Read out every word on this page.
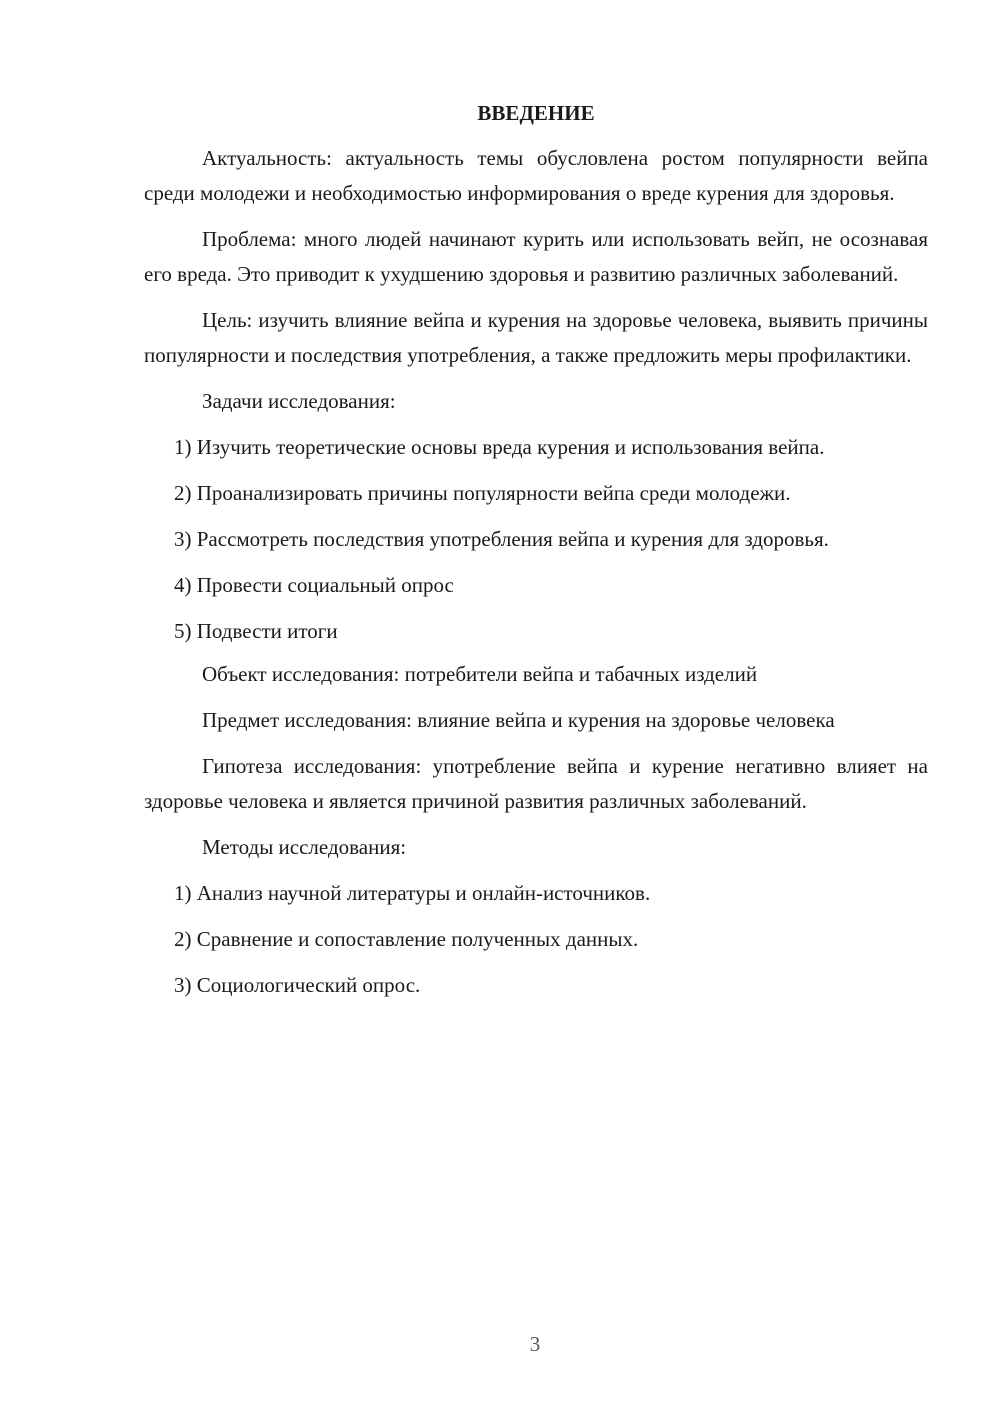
ВВЕДЕНИЕ

Актуальность: актуальность темы обусловлена ростом популярности вейпа среди молодежи и необходимостью информирования о вреде курения для здоровья.

Проблема: много людей начинают курить или использовать вейп, не осознавая его вреда. Это приводит к ухудшению здоровья и развитию различных заболеваний.

Цель: изучить влияние вейпа и курения на здоровье человека, выявить причины популярности и последствия употребления, а также предложить меры профилактики.

Задачи исследования:

1) Изучить теоретические основы вреда курения и использования вейпа.

2) Проанализировать причины популярности вейпа среди молодежи.

3) Рассмотреть последствия употребления вейпа и курения для здоровья.

4) Провести социальный опрос

5) Подвести итоги

Объект исследования: потребители вейпа и табачных изделий

Предмет исследования: влияние вейпа и курения на здоровье человека

Гипотеза исследования: употребление вейпа и курение негативно влияет на здоровье человека и является причиной развития различных заболеваний.

Методы исследования:

1) Анализ научной литературы и онлайн-источников.

2) Сравнение и сопоставление полученных данных.

3) Социологический опрос.

3
